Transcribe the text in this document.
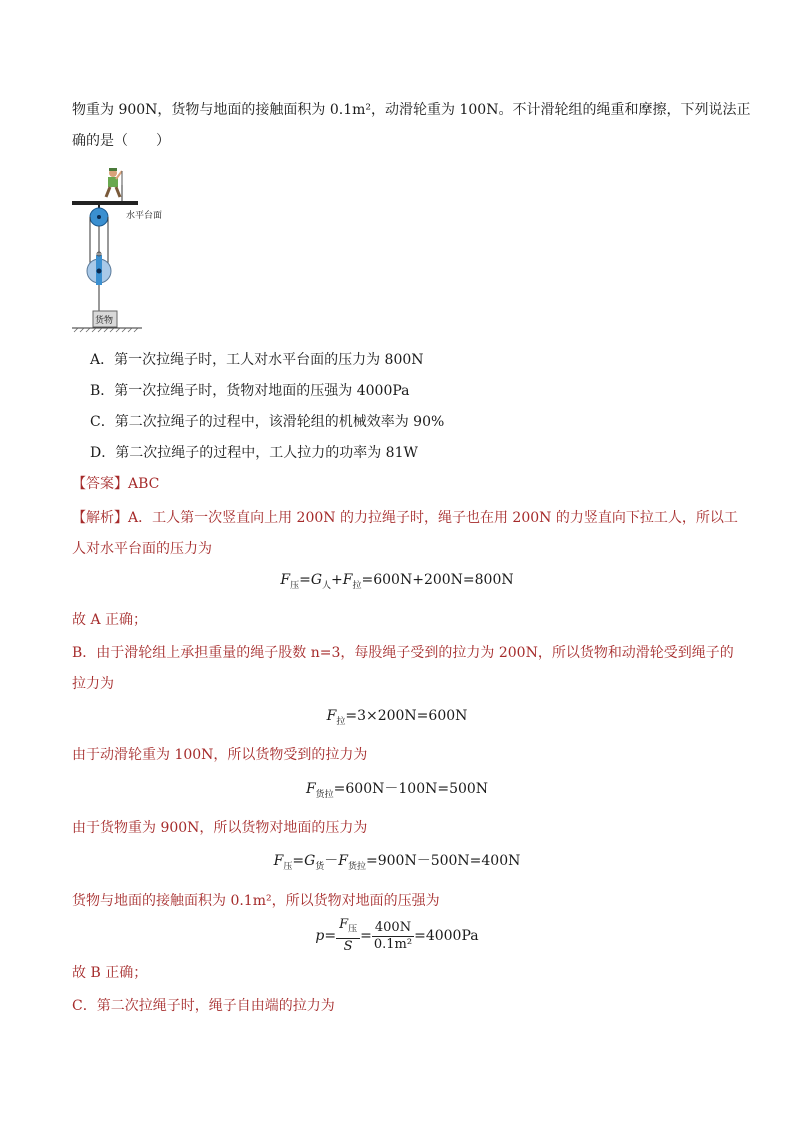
物重为 900N，货物与地面的接触面积为 0.1m²，动滑轮重为 100N。不计滑轮组的绳重和摩擦，下列说法正
确的是（　　）
水平台面
货物
A．第一次拉绳子时，工人对水平台面的压力为 800N
B．第一次拉绳子时，货物对地面的压强为 4000Pa
C．第二次拉绳子的过程中，该滑轮组的机械效率为 90%
D．第二次拉绳子的过程中，工人拉力的功率为 81W
【答案】ABC
【解析】A．工人第一次竖直向上用 200N 的力拉绳子时，绳子也在用 200N 的力竖直向下拉工人，所以工
人对水平台面的压力为
$F_压=G_人+F_拉=600N+200N=800N$
故 A 正确；
B．由于滑轮组上承担重量的绳子股数 n=3，每股绳子受到的拉力为 200N，所以货物和动滑轮受到绳子的
拉力为
$F_拉=3\times 200N=600N$
由于动滑轮重为 100N，所以货物受到的拉力为
$F_{货拉}=600N-100N=500N$
由于货物重为 900N，所以货物对地面的压力为
$F_压=G_货-F_{货拉}=900N-500N=400N$
货物与地面的接触面积为 0.1m²，所以货物对地面的压强为
$p= \frac{F_压}{S} = \frac{400N}{\text{0.1m²}} =4000Pa$
故 B 正确；
C．第二次拉绳子时，绳子自由端的拉力为
